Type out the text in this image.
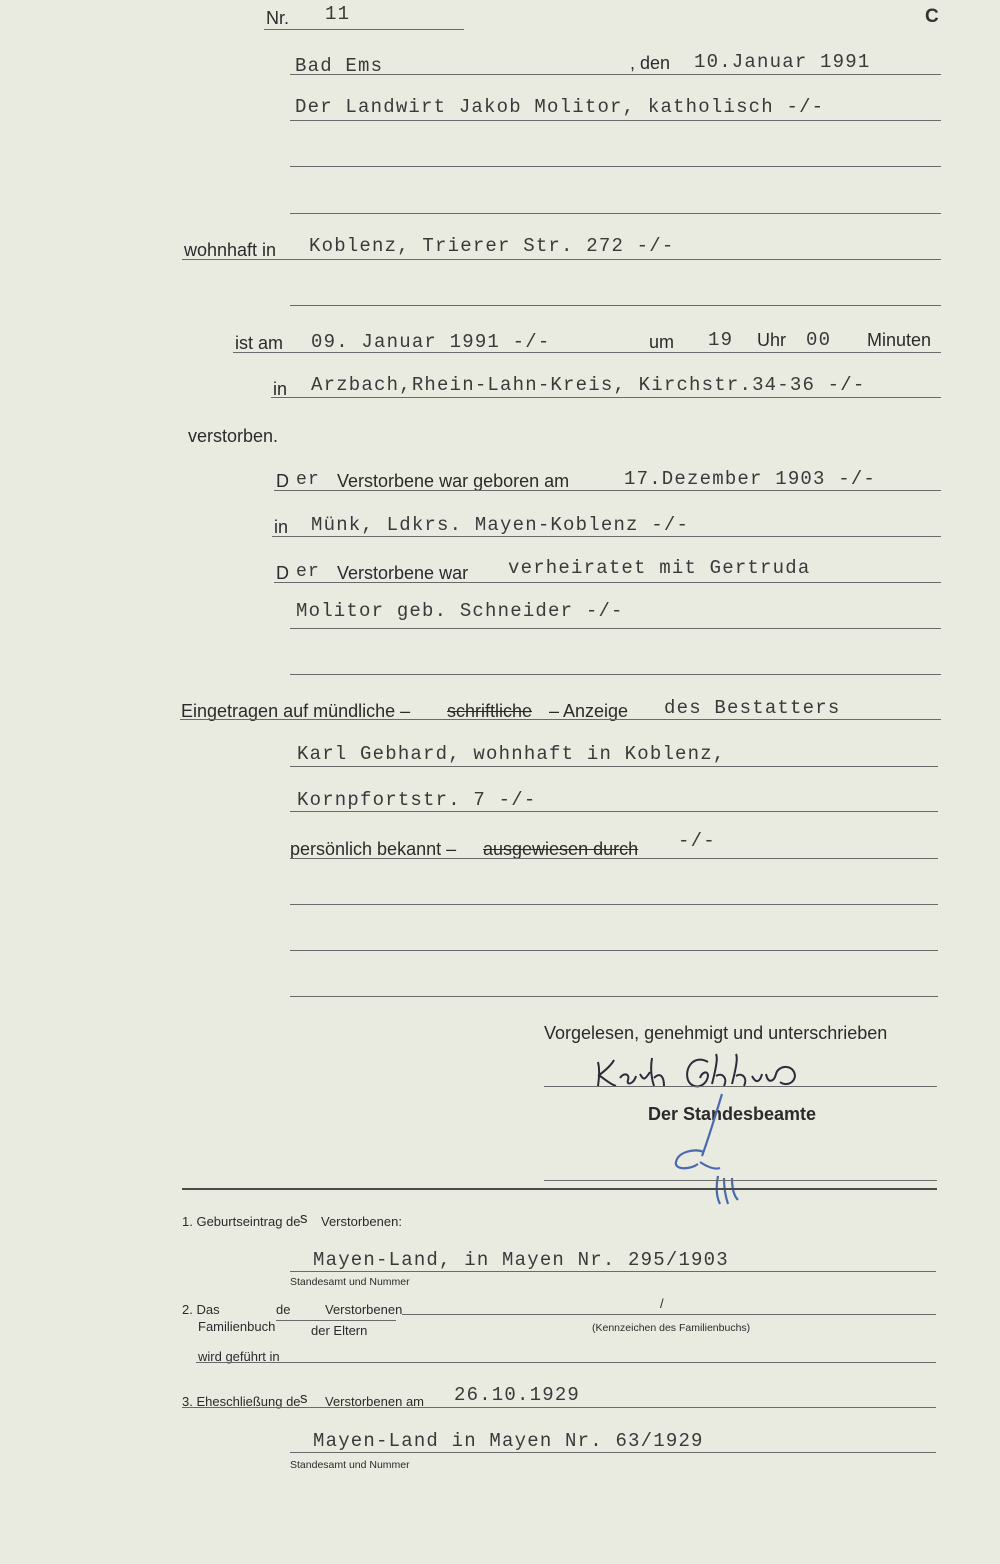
C
Nr. 11
Bad Ems	, den 10.Januar 1991
Der Landwirt Jakob Molitor, katholisch -/-
wohnhaft in Koblenz, Trierer Str. 272 -/-
ist am 09. Januar 1991 -/-	um 19 Uhr 00 Minuten
in Arzbach,Rhein-Lahn-Kreis, Kirchstr.34-36 -/-
verstorben.
D er Verstorbene war geboren am	17.Dezember 1903 -/-
in Münk, Ldkrs. Mayen-Koblenz -/-
D er Verstorbene war verheiratet mit Gertruda
Molitor geb. Schneider -/-
Eingetragen auf mündliche – schriftliche – Anzeige des Bestatters
Karl Gebhard, wohnhaft in Koblenz,
Kornpfortstr. 7 -/-
persönlich bekannt – ausgewiesen durch -/-
Vorgelesen, genehmigt und unterschrieben
Der Standesbeamte
1. Geburtseintrag de s Verstorbenen:
Mayen-Land, in Mayen Nr. 295/1903
Standesamt und Nummer
2. Das
Familienbuch
de	Verstorbenen
der Eltern
/
(Kennzeichen des Familienbuchs)
wird geführt in
3. Eheschließung de s Verstorbenen am 26.10.1929
Mayen-Land in Mayen Nr. 63/1929
Standesamt und Nummer
